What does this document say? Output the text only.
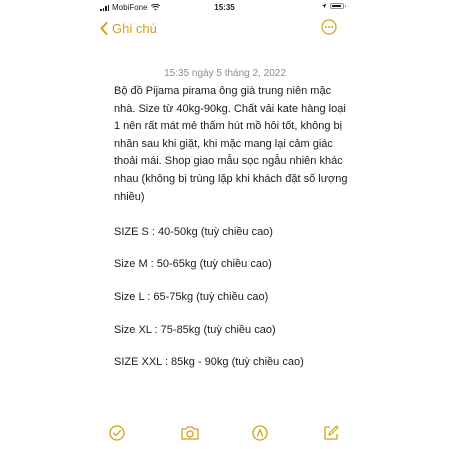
MobiFone	15:35
Ghi chú
15:35 ngày 5 tháng 2, 2022

Bộ đồ Pijama pirama ông già trung niên mặc nhà. Size từ 40kg-90kg. Chất vải kate hàng loại 1 nên rất mát mẻ thấm hút mồ hôi tốt, không bị nhăn sau khi giặt, khi mặc mang lại cảm giác thoải mái. Shop giao mẫu sọc ngẫu nhiên khác nhau (không bị trùng lặp khi khách đặt số lượng nhiều)

SIZE S : 40-50kg (tuỳ chiều cao)

Size M : 50-65kg (tuỳ chiều cao)

Size L : 65-75kg (tuỳ chiều cao)

Size XL : 75-85kg (tuỳ chiều cao)

SIZE XXL : 85kg - 90kg (tuỳ chiều cao)
